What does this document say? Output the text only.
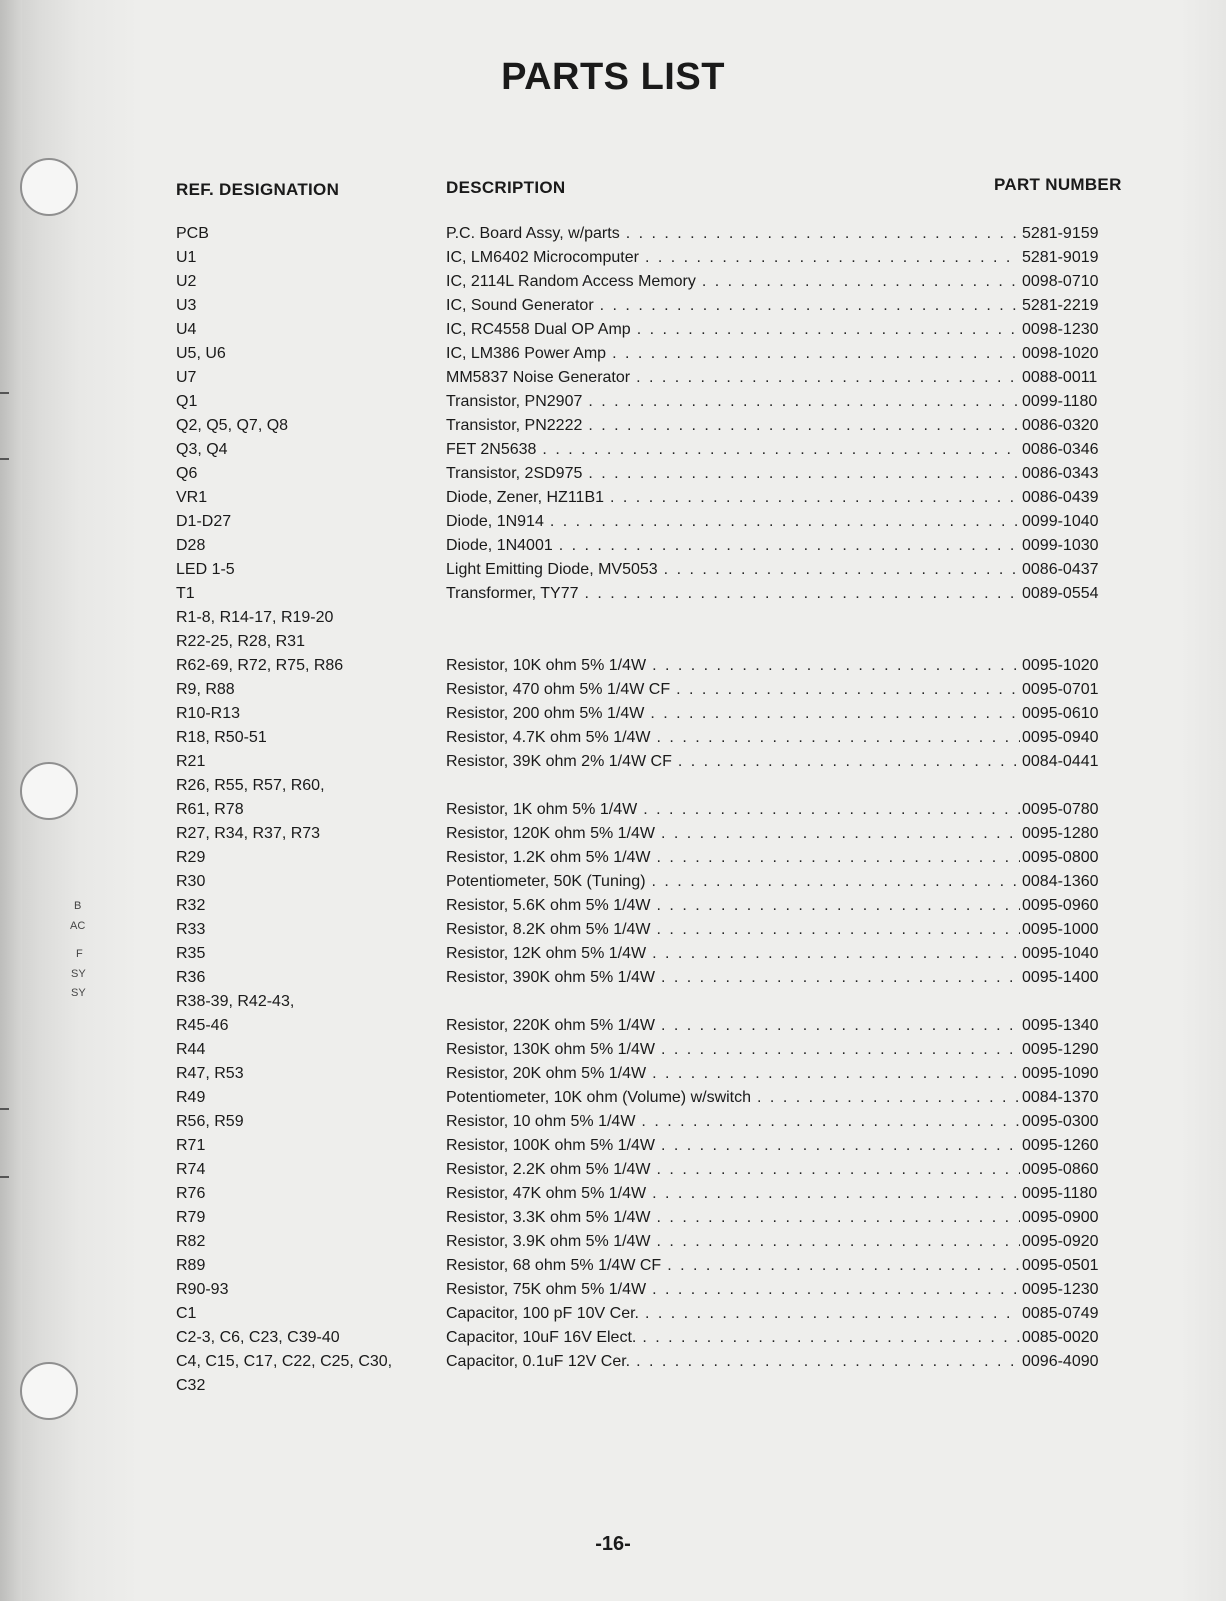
B
AC
F
SY
SY
PARTS LIST
REF. DESIGNATION	DESCRIPTION	PART NUMBER
PCB	P.C. Board Assy, w/parts . . .	5281-9159
U1	IC, LM6402 Microcomputer . . .	5281-9019
U2	IC, 2114L Random Access Memory . . .	0098-0710
U3	IC, Sound Generator . . .	5281-2219
U4	IC, RC4558 Dual OP Amp . . .	0098-1230
U5, U6	IC, LM386 Power Amp . . .	0098-1020
U7	MM5837 Noise Generator . . .	0088-0011
Q1	Transistor, PN2907 . . .	0099-1180
Q2, Q5, Q7, Q8	Transistor, PN2222 . . .	0086-0320
Q3, Q4	FET 2N5638 . . .	0086-0346
Q6	Transistor, 2SD975 . . .	0086-0343
VR1	Diode, Zener, HZ11B1 . . .	0086-0439
D1-D27	Diode, 1N914 . . .	0099-1040
D28	Diode, 1N4001 . . .	0099-1030
LED 1-5	Light Emitting Diode, MV5053 . . .	0086-0437
T1	Transformer, TY77 . . .	0089-0554
R1-8, R14-17, R19-20
R22-25, R28, R31
R62-69, R72, R75, R86	Resistor, 10K ohm 5% 1/4W . . .	0095-1020
R9, R88	Resistor, 470 ohm 5% 1/4W CF . . .	0095-0701
R10-R13	Resistor, 200 ohm 5% 1/4W . . .	0095-0610
R18, R50-51	Resistor, 4.7K ohm 5% 1/4W . . .	0095-0940
R21	Resistor, 39K ohm 2% 1/4W CF . . .	0084-0441
R26, R55, R57, R60,
R61, R78	Resistor, 1K ohm 5% 1/4W . . .	0095-0780
R27, R34, R37, R73	Resistor, 120K ohm 5% 1/4W . . .	0095-1280
R29	Resistor, 1.2K ohm 5% 1/4W . . .	0095-0800
R30	Potentiometer, 50K (Tuning) . . .	0084-1360
R32	Resistor, 5.6K ohm 5% 1/4W . . .	0095-0960
R33	Resistor, 8.2K ohm 5% 1/4W . . .	0095-1000
R35	Resistor, 12K ohm 5% 1/4W . . .	0095-1040
R36	Resistor, 390K ohm 5% 1/4W . . .	0095-1400
R38-39, R42-43,
R45-46	Resistor, 220K ohm 5% 1/4W . . .	0095-1340
R44	Resistor, 130K ohm 5% 1/4W . . .	0095-1290
R47, R53	Resistor, 20K ohm 5% 1/4W . . .	0095-1090
R49	Potentiometer, 10K ohm (Volume) w/switch . . .	0084-1370
R56, R59	Resistor, 10 ohm 5% 1/4W . . .	0095-0300
R71	Resistor, 100K ohm 5% 1/4W . . .	0095-1260
R74	Resistor, 2.2K ohm 5% 1/4W . . .	0095-0860
R76	Resistor, 47K ohm 5% 1/4W . . .	0095-1180
R79	Resistor, 3.3K ohm 5% 1/4W . . .	0095-0900
R82	Resistor, 3.9K ohm 5% 1/4W . . .	0095-0920
R89	Resistor, 68 ohm 5% 1/4W CF . . .	0095-0501
R90-93	Resistor, 75K ohm 5% 1/4W . . .	0095-1230
C1	Capacitor, 100 pF 10V Cer. . . .	0085-0749
C2-3, C6, C23, C39-40	Capacitor, 10uF 16V Elect. . . .	0085-0020
C4, C15, C17, C22, C25, C30,	Capacitor, 0.1uF 12V Cer. . . .	0096-4090
C32
-16-
